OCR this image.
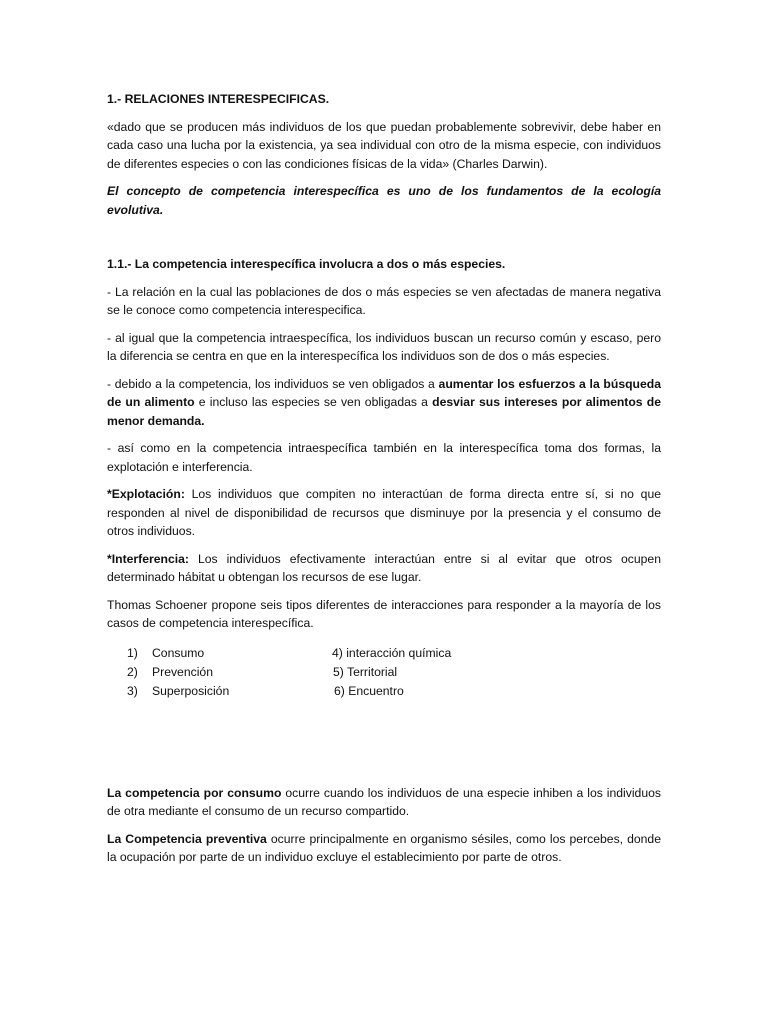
1.- RELACIONES INTERESPECIFICAS.

«dado que se producen más individuos de los que puedan probablemente sobrevivir, debe haber en cada caso una lucha por la existencia, ya sea individual con otro de la misma especie, con individuos de diferentes especies o con las condiciones físicas de la vida» (Charles Darwin).

El concepto de competencia interespecífica es uno de los fundamentos de la ecología evolutiva.

1.1.- La competencia interespecífica involucra a dos o más especies.

- La relación en la cual las poblaciones de dos o más especies se ven afectadas de manera negativa se le conoce como competencia interespecifica.

- al igual que la competencia intraespecífica, los individuos buscan un recurso común y escaso, pero la diferencia se centra en que en la interespecífica los individuos son de dos o más especies.

- debido a la competencia, los individuos se ven obligados a aumentar los esfuerzos a la búsqueda de un alimento e incluso las especies se ven obligadas a desviar sus intereses por alimentos de menor demanda.

- así como en la competencia intraespecífica también en la interespecífica toma dos formas, la explotación e interferencia.

*Explotación: Los individuos que compiten no interactúan de forma directa entre sí, si no que responden al nivel de disponibilidad de recursos que disminuye por la presencia y el consumo de otros individuos.

*Interferencia: Los individuos efectivamente interactúan entre si al evitar que otros ocupen determinado hábitat u obtengan los recursos de ese lugar.

Thomas Schoener propone seis tipos diferentes de interacciones para responder a la mayoría de los casos de competencia interespecífica.

1) Consumo	4) interacción química
2) Prevención	5) Territorial
3) Superposición	6) Encuentro

La competencia por consumo ocurre cuando los individuos de una especie inhiben a los individuos de otra mediante el consumo de un recurso compartido.

La Competencia preventiva ocurre principalmente en organismo sésiles, como los percebes, donde la ocupación por parte de un individuo excluye el establecimiento por parte de otros.
